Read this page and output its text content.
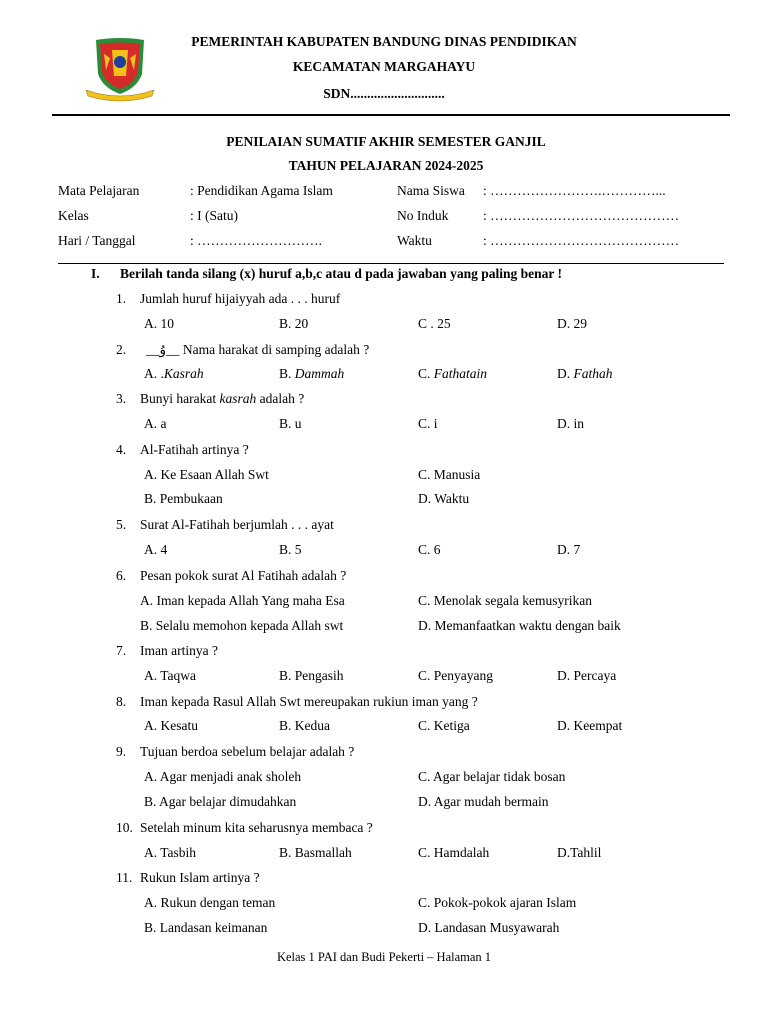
PEMERINTAH KABUPATEN BANDUNG DINAS PENDIDIKAN
KECAMATAN MARGAHAYU
SDN............................
PENILAIAN SUMATIF AKHIR SEMESTER GANJIL
TAHUN PELAJARAN 2024-2025
Mata Pelajaran	: Pendidikan Agama Islam	Nama Siswa : …………………….…………...
Kelas	: I (Satu)	No Induk	: ……………………………………
Hari / Tanggal	: ……………………….	Waktu	: ……………………………………
I. Berilah tanda silang (x) huruf a,b,c atau d pada jawaban yang paling benar !
1. Jumlah huruf hijaiyyah ada . . . huruf
A. 10	B. 20	C . 25	D. 29
2. __وُ__ Nama harakat di samping adalah ?
A. .Kasrah	B. Dammah	C. Fathatain	D. Fathah
3. Bunyi harakat kasrah adalah ?
A. a	B. u	C. i	D. in
4. Al-Fatihah artinya ?
A. Ke Esaan Allah Swt	C. Manusia
B. Pembukaan	D. Waktu
5. Surat Al-Fatihah berjumlah . . . ayat
A. 4	B. 5	C. 6	D. 7
6. Pesan pokok surat Al Fatihah adalah ?
A. Iman kepada Allah Yang maha Esa	C. Menolak segala kemusyrikan
B. Selalu memohon kepada Allah swt	D. Memanfaatkan waktu dengan baik
7. Iman artinya ?
A. Taqwa	B. Pengasih	C. Penyayang	D. Percaya
8. Iman kepada Rasul Allah Swt mereupakan rukiun iman yang ?
A. Kesatu	B. Kedua	C. Ketiga	D. Keempat
9. Tujuan berdoa sebelum belajar adalah ?
A. Agar menjadi anak sholeh	C. Agar belajar tidak bosan
B. Agar belajar dimudahkan	D. Agar mudah bermain
10. Setelah minum kita seharusnya membaca ?
A. Tasbih	B. Basmallah	C. Hamdalah	D.Tahlil
11. Rukun Islam artinya ?
A. Rukun dengan teman	C. Pokok-pokok ajaran Islam
B. Landasan keimanan	D. Landasan Musyawarah
Kelas 1 PAI dan Budi Pekerti – Halaman 1
